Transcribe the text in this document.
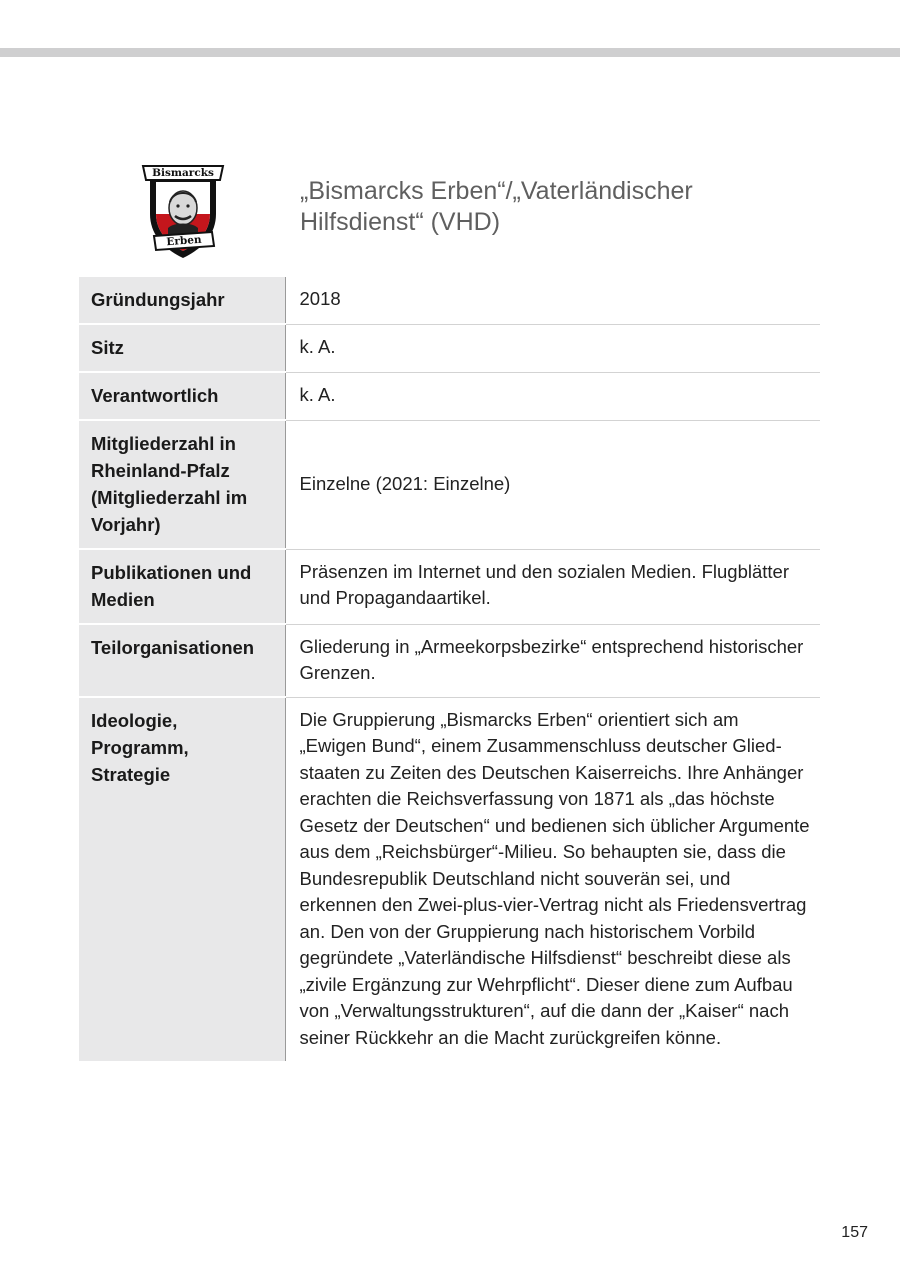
Bismarcks
Erben
„Bismarcks Erben“/„Vaterländischer Hilfsdienst“ (VHD)
Gründungsjahr	2018
Sitz	k. A.
Verantwortlich	k. A.
Mitgliederzahl in Rheinland-Pfalz (Mitgliederzahl im Vorjahr)	Einzelne (2021: Einzelne)
Publikationen und Medien	Präsenzen im Internet und den sozialen Medien. Flugblätter und Propagandaartikel.
Teilorganisationen	Gliederung in „Armeekorpsbezirke“ entsprechend historischer Grenzen.
Ideologie, Programm, Strategie	Die Gruppierung „Bismarcks Erben“ orientiert sich am „Ewigen Bund“, einem Zusammenschluss deutscher Gliedstaaten zu Zeiten des Deutschen Kaiserreichs. Ihre Anhänger erachten die Reichsverfassung von 1871 als „das höchste Gesetz der Deutschen“ und bedienen sich üblicher Argumente aus dem „Reichsbürger“-Milieu. So behaupten sie, dass die Bundesrepublik Deutschland nicht souverän sei, und erkennen den Zwei-plus-vier-Vertrag nicht als Friedensvertrag an. Den von der Gruppierung nach historischem Vorbild gegründete „Vaterländische Hilfsdienst“ beschreibt diese als „zivile Ergänzung zur Wehrpflicht“. Dieser diene zum Aufbau von „Verwaltungsstrukturen“, auf die dann der „Kaiser“ nach seiner Rückkehr an die Macht zurückgreifen könne.
157
